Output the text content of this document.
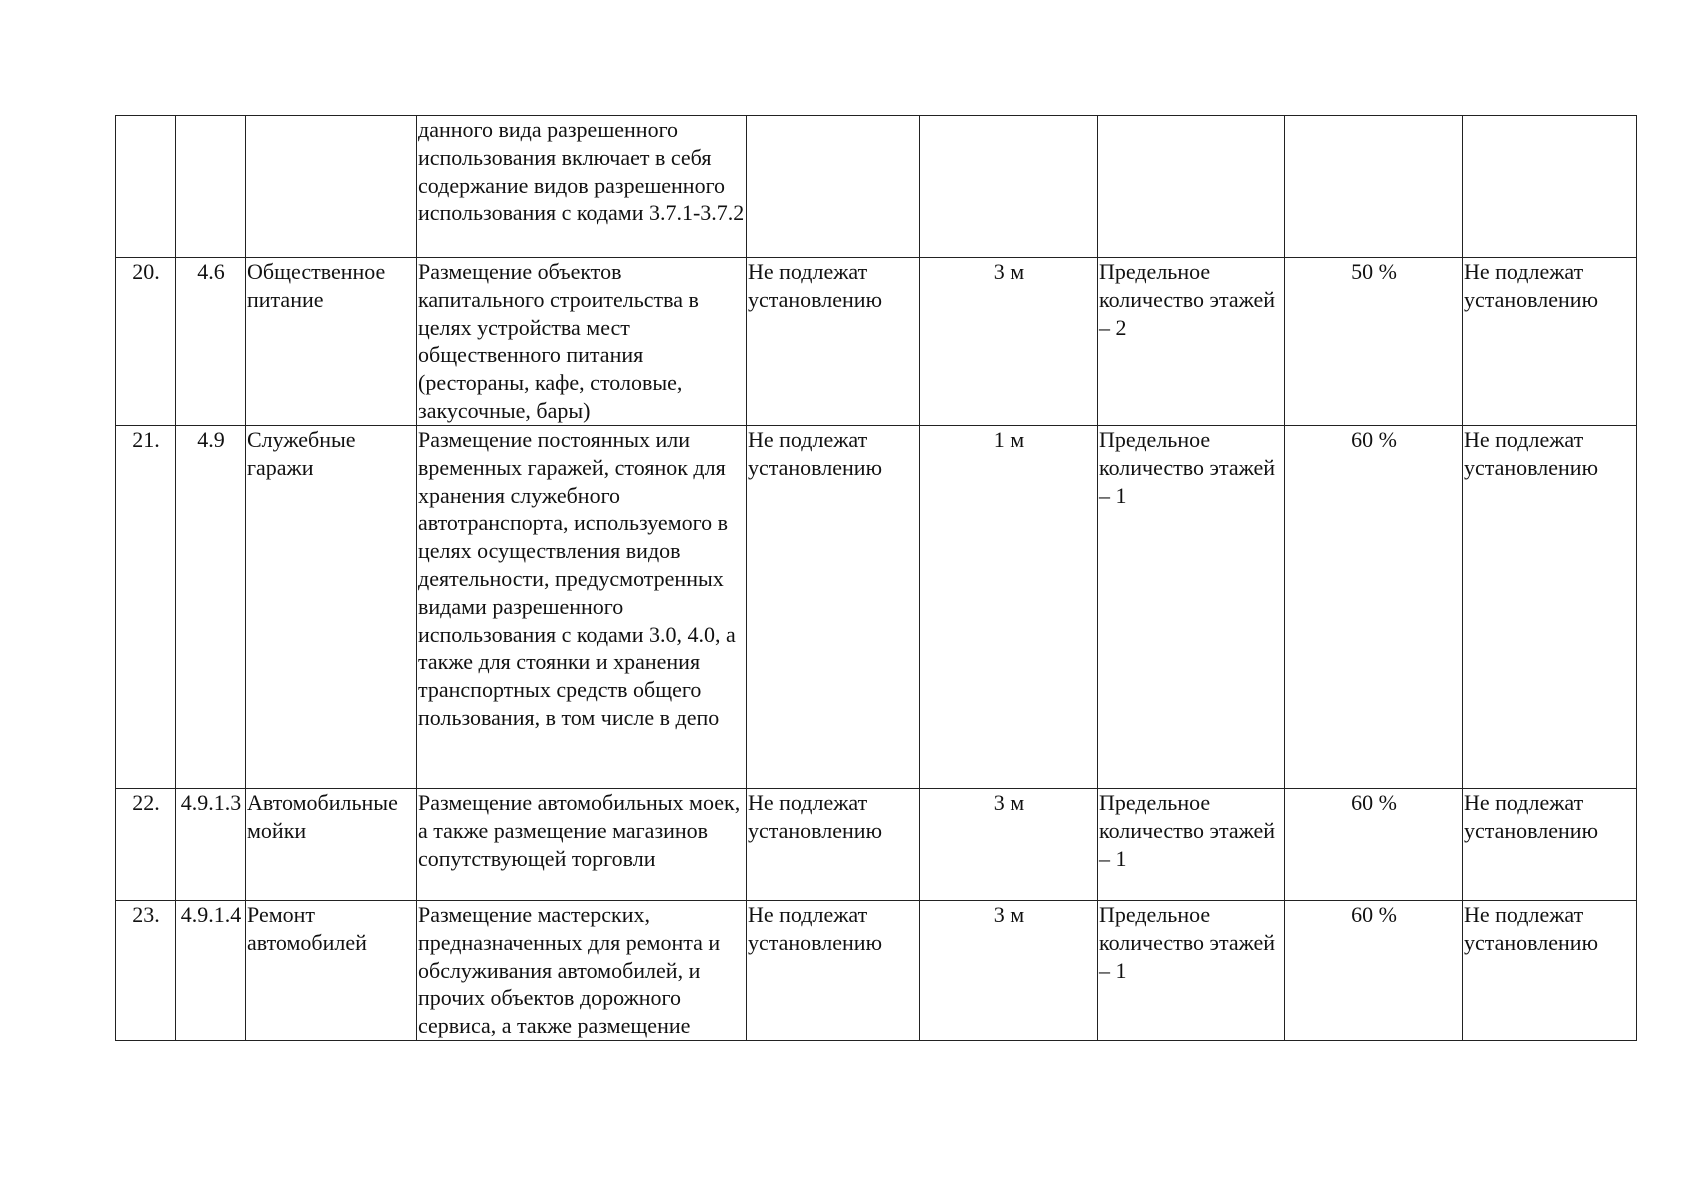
			данного вида разрешенного использования включает в себя содержание видов разрешенного использования с кодами 3.7.1-3.7.2					
20.	4.6	Общественное питание	Размещение объектов капитального строительства в целях устройства мест общественного питания (рестораны, кафе, столовые, закусочные, бары)	Не подлежат установлению	3 м	Предельное количество этажей – 2	50 %	Не подлежат установлению
21.	4.9	Служебные гаражи	Размещение постоянных или временных гаражей, стоянок для хранения служебного автотранспорта, используемого в целях осуществления видов деятельности, предусмотренных видами разрешенного использования с кодами 3.0, 4.0, а также для стоянки и хранения транспортных средств общего пользования, в том числе в депо	Не подлежат установлению	1 м	Предельное количество этажей – 1	60 %	Не подлежат установлению
22.	4.9.1.3	Автомобильные мойки	Размещение автомобильных моек, а также размещение магазинов сопутствующей торговли	Не подлежат установлению	3 м	Предельное количество этажей – 1	60 %	Не подлежат установлению
23.	4.9.1.4	Ремонт автомобилей	Размещение мастерских, предназначенных для ремонта и обслуживания автомобилей, и прочих объектов дорожного сервиса, а также размещение	Не подлежат установлению	3 м	Предельное количество этажей – 1	60 %	Не подлежат установлению
